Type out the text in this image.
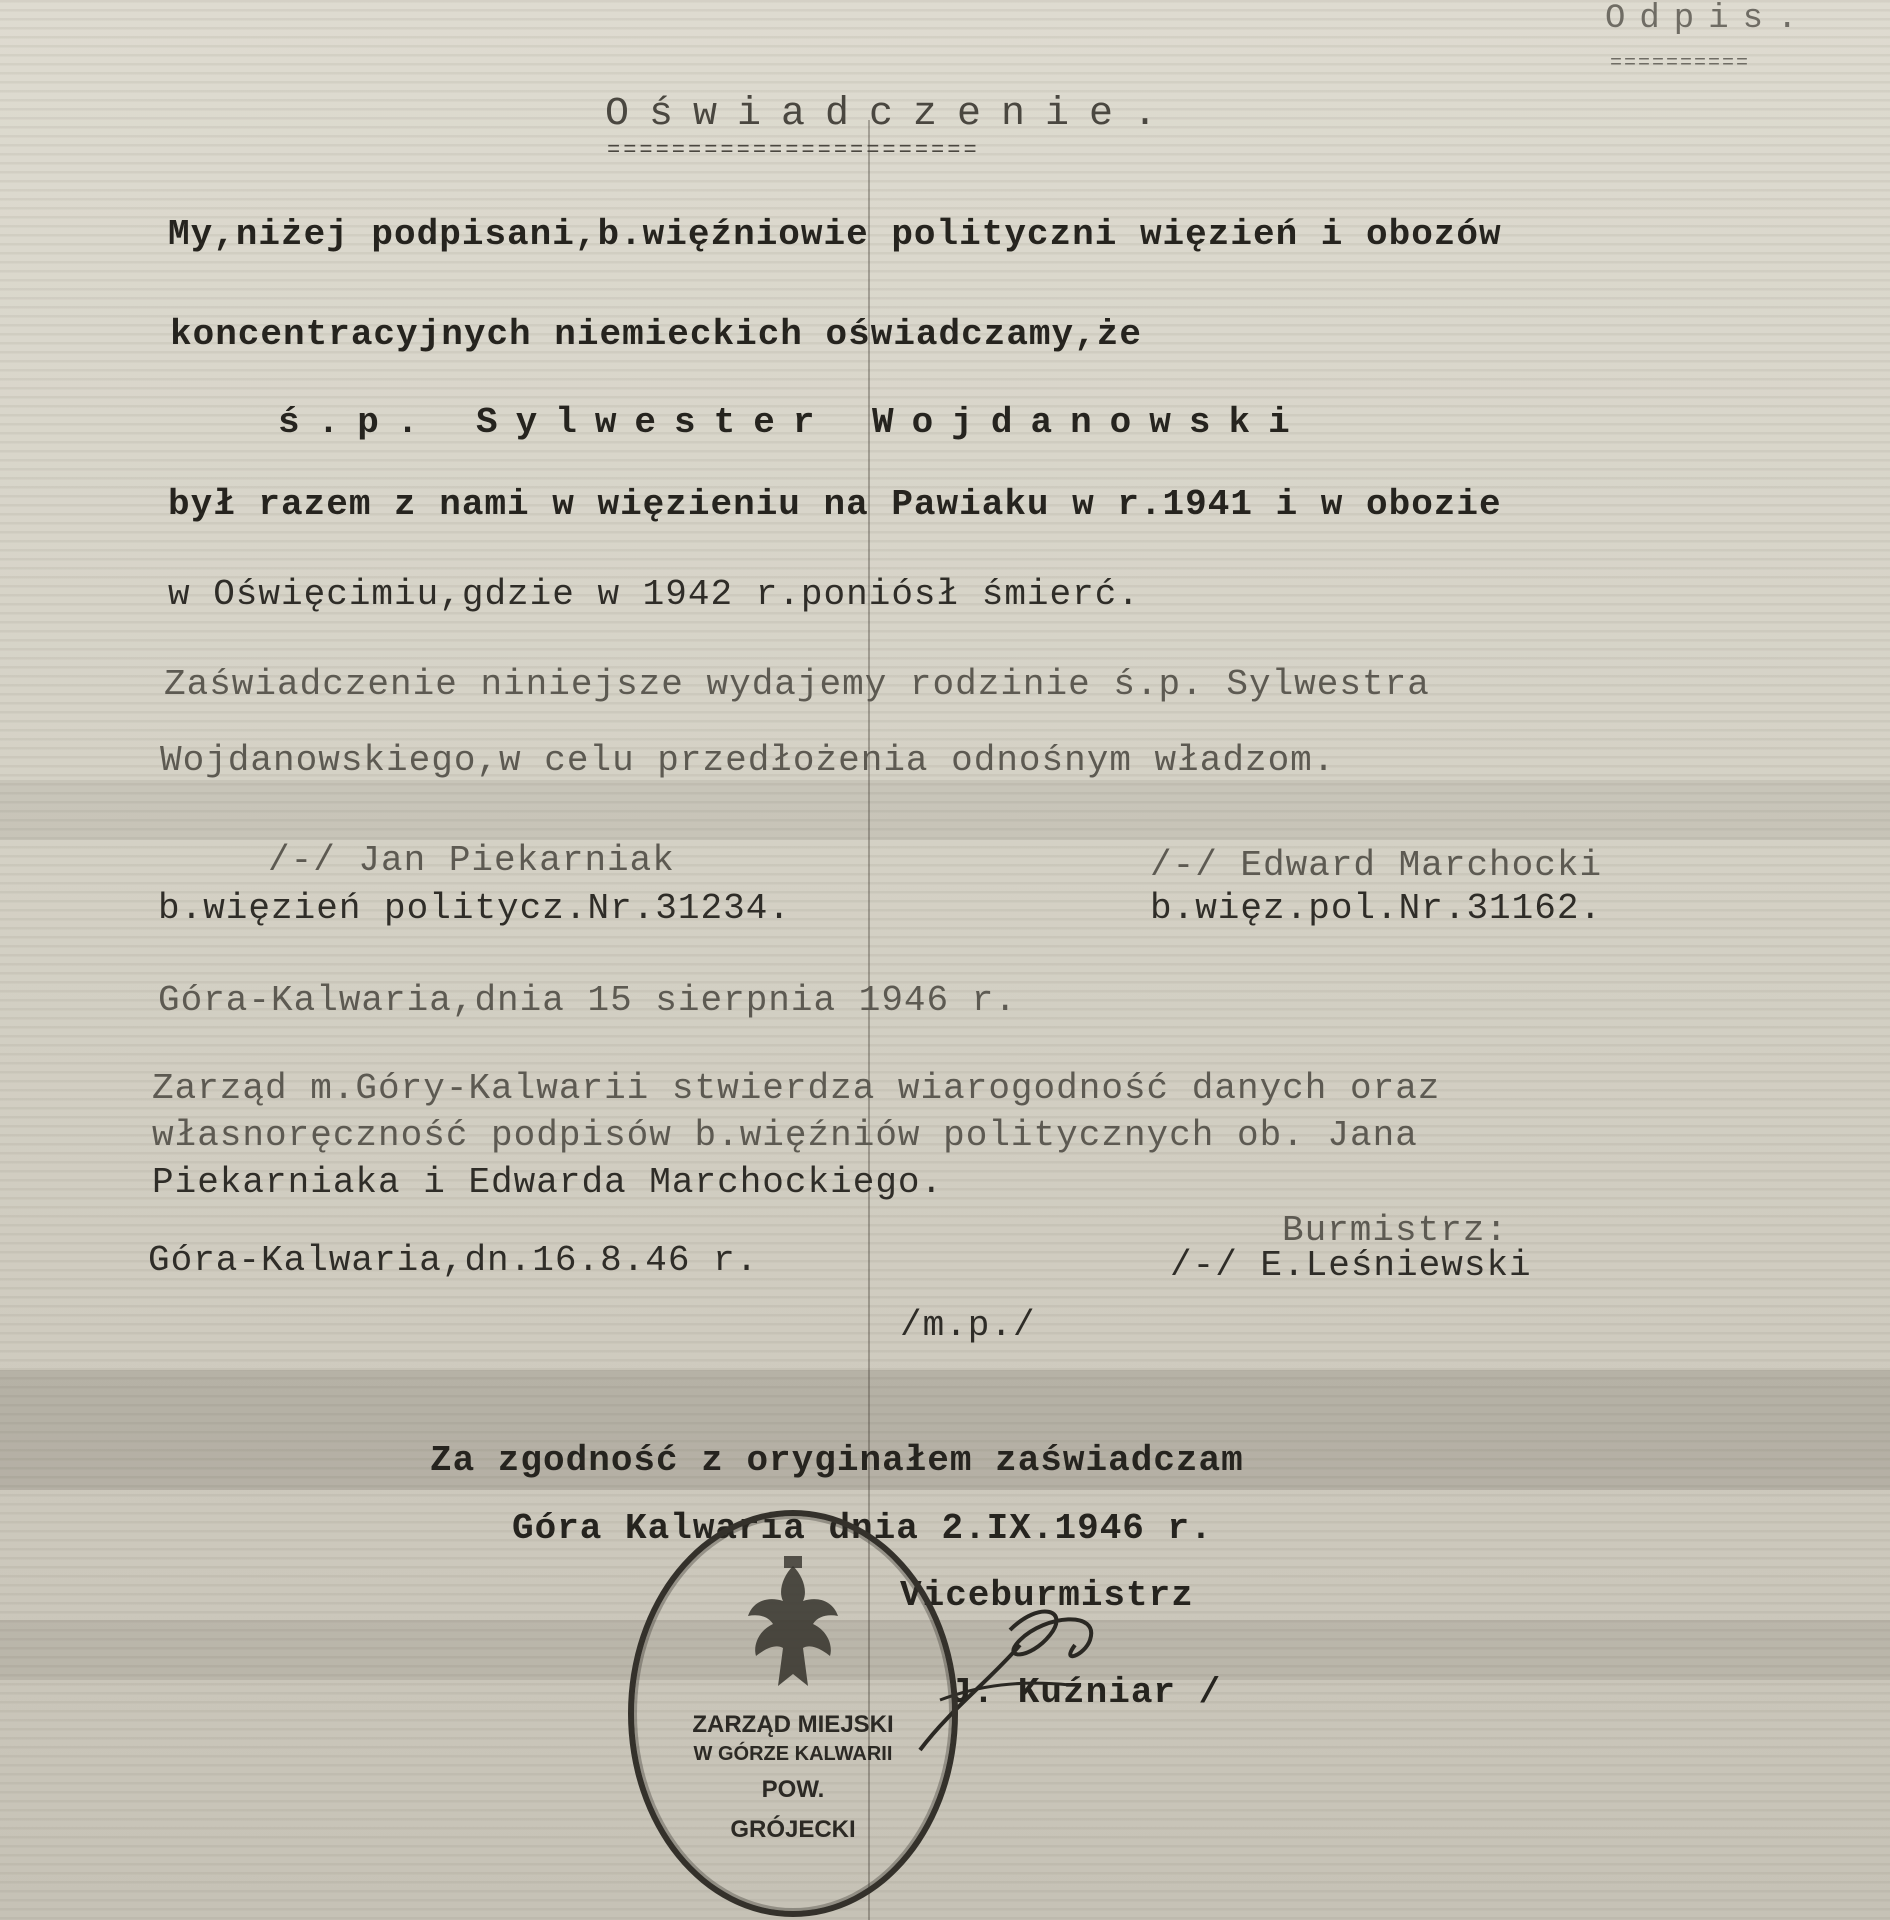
Odpis.
==========
Oświadczenie.
=======================
My,niżej podpisani,b.więźniowie polityczni więzień i obozów
koncentracyjnych niemieckich oświadczamy,że
ś.p. Sylwester Wojdanowski
był razem z nami w więzieniu na Pawiaku w r.1941 i w obozie
w Oświęcimiu,gdzie w 1942 r.poniósł śmierć.
Zaświadczenie niniejsze wydajemy rodzinie ś.p. Sylwestra
Wojdanowskiego,w celu przedłożenia odnośnym władzom.
/-/ Jan Piekarniak
b.więzień politycz.Nr.31234.
/-/ Edward Marchocki
b.więz.pol.Nr.31162.
Góra-Kalwaria,dnia 15 sierpnia 1946 r.
Zarząd m.Góry-Kalwarii stwierdza wiarogodność danych oraz
własnoręczność podpisów b.więźniów politycznych ob. Jana
Piekarniaka i Edwarda Marchockiego.
Burmistrz:
Góra-Kalwaria,dn.16.8.46 r.	/-/ E.Leśniewski
/m.p./
Za zgodność z oryginałem zaświadczam
Góra Kalwaria dnia 2.IX.1946 r.
Viceburmistrz
J. Kuźniar /
ZARZĄD MIEJSKI
W GÓRZE KALWARII
POW.
GRÓJECKI
